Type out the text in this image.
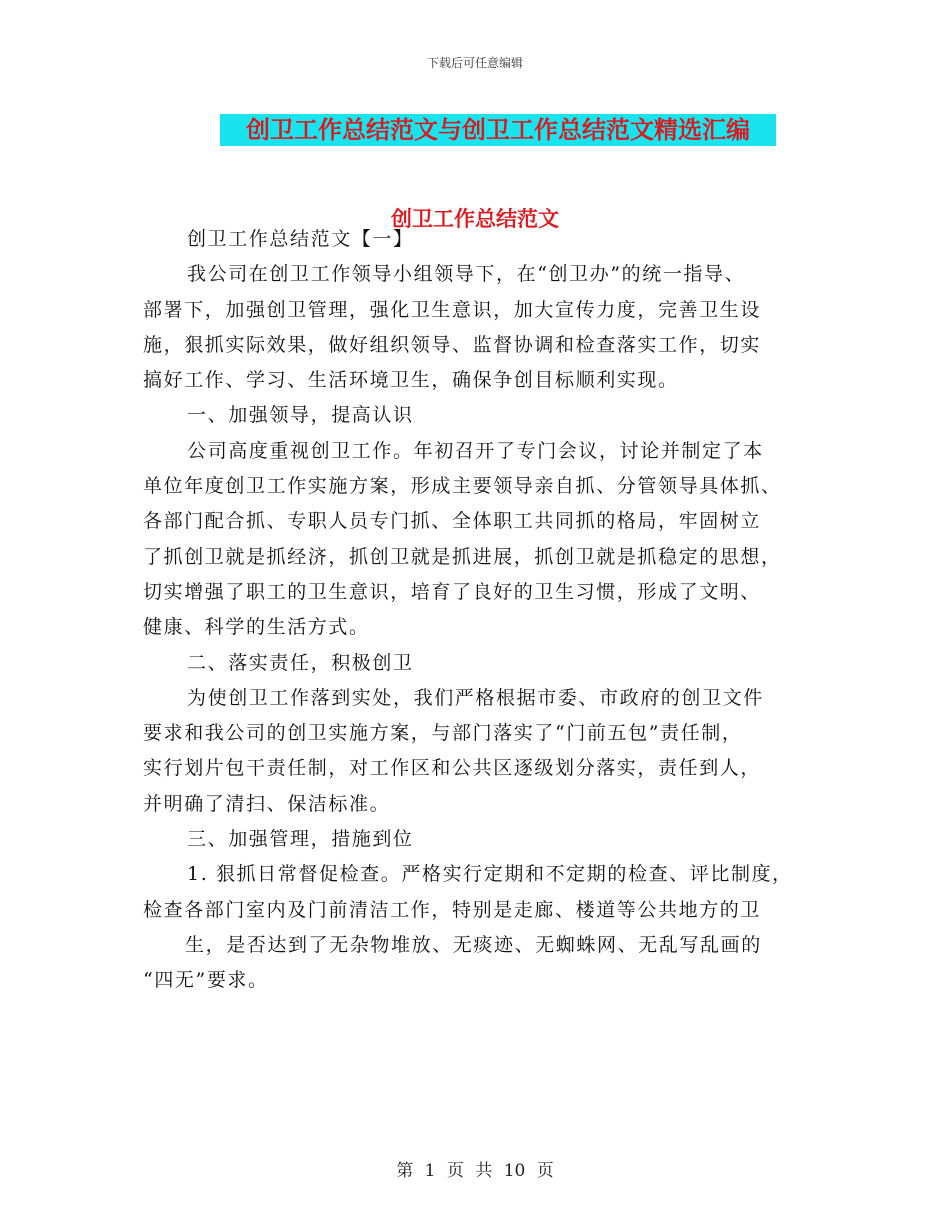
下载后可任意编辑
创卫工作总结范文与创卫工作总结范文精选汇编
创卫工作总结范文
创卫工作总结范文【一】
我公司在创卫工作领导小组领导下，在“创卫办”的统一指导、
部署下，加强创卫管理，强化卫生意识，加大宣传力度，完善卫生设
施，狠抓实际效果，做好组织领导、监督协调和检查落实工作，切实
搞好工作、学习、生活环境卫生，确保争创目标顺利实现。
一、加强领导，提高认识
公司高度重视创卫工作。年初召开了专门会议，讨论并制定了本
单位年度创卫工作实施方案，形成主要领导亲自抓、分管领导具体抓、
各部门配合抓、专职人员专门抓、全体职工共同抓的格局，牢固树立
了抓创卫就是抓经济，抓创卫就是抓进展，抓创卫就是抓稳定的思想，
切实增强了职工的卫生意识，培育了良好的卫生习惯，形成了文明、
健康、科学的生活方式。
二、落实责任，积极创卫
为使创卫工作落到实处，我们严格根据市委、市政府的创卫文件
要求和我公司的创卫实施方案，与部门落实了“门前五包”责任制，
实行划片包干责任制，对工作区和公共区逐级划分落实，责任到人，
并明确了清扫、保洁标准。
三、加强管理，措施到位
1. 狠抓日常督促检查。严格实行定期和不定期的检查、评比制度，
检查各部门室内及门前清洁工作，特别是走廊、楼道等公共地方的卫
生，是否达到了无杂物堆放、无痰迹、无蜘蛛网、无乱写乱画的
“四无”要求。
第 1 页 共 10 页
